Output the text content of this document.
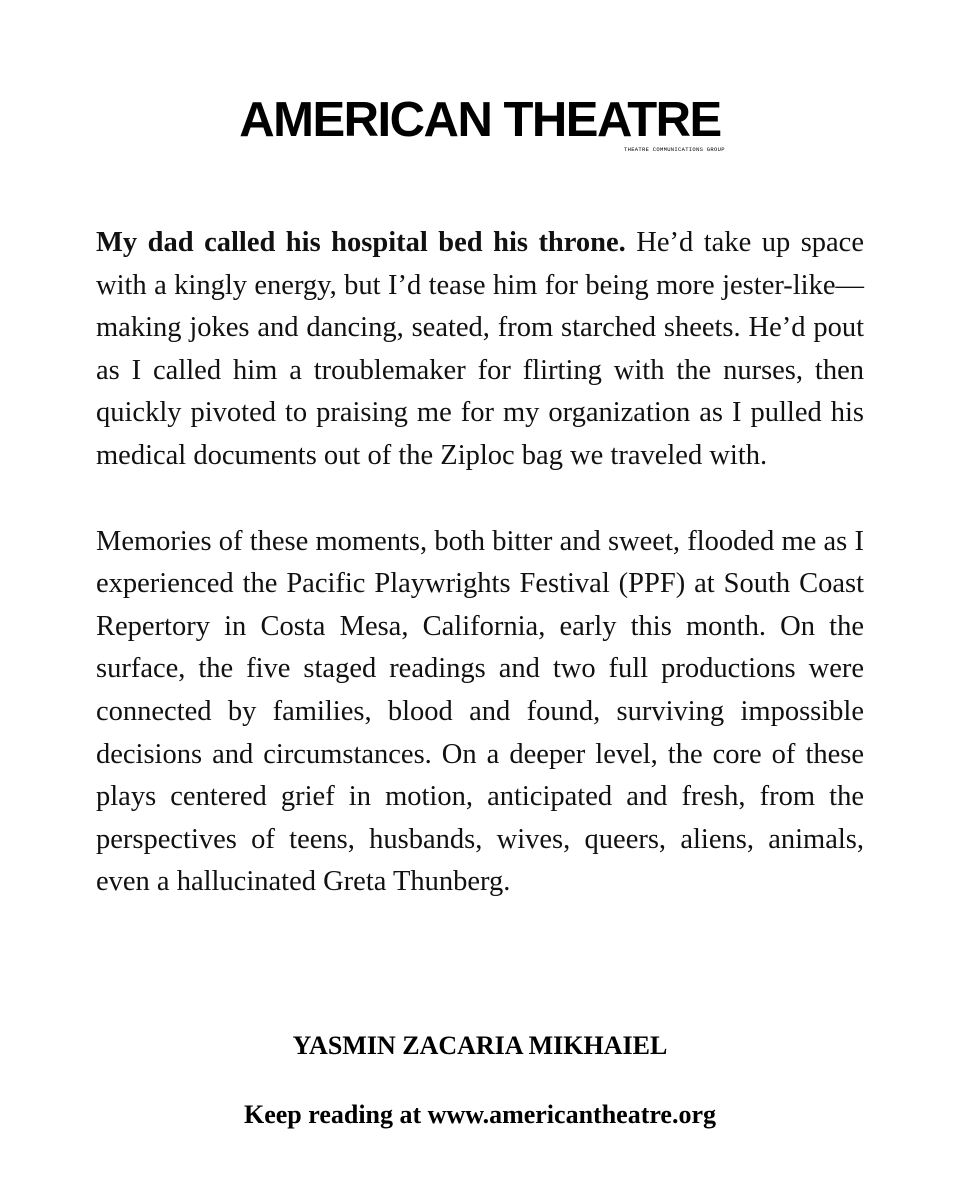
AMERICAN THEATRE
THEATRE COMMUNICATIONS GROUP

My dad called his hospital bed his throne. He’d take up space with a kingly energy, but I’d tease him for being more jester-like—making jokes and dancing, seated, from starched sheets. He’d pout as I called him a troublemaker for flirting with the nurses, then quickly pivoted to praising me for my organization as I pulled his medical documents out of the Ziploc bag we traveled with.

Memories of these moments, both bitter and sweet, flooded me as I experienced the Pacific Playwrights Festival (PPF) at South Coast Repertory in Costa Mesa, California, early this month. On the surface, the five staged readings and two full productions were connected by families, blood and found, surviving impossible decisions and circumstances. On a deeper level, the core of these plays centered grief in motion, anticipated and fresh, from the perspectives of teens, husbands, wives, queers, aliens, animals, even a hallucinated Greta Thunberg.

YASMIN ZACARIA MIKHAIEL
Keep reading at www.americantheatre.org
